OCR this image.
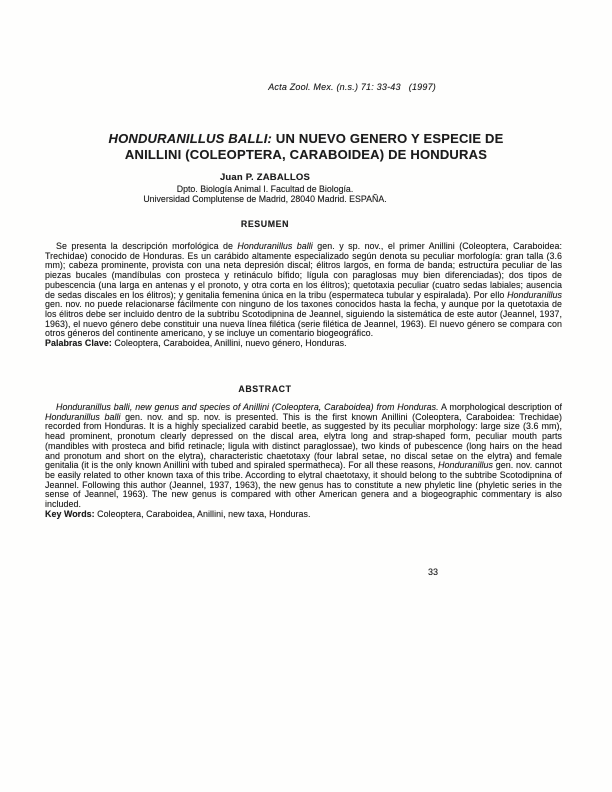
Acta Zool. Mex. (n.s.) 71: 33-43   (1997)
HONDURANILLUS BALLI: UN NUEVO GENERO Y ESPECIE DE
ANILLINI (COLEOPTERA, CARABOIDEA) DE HONDURAS
Juan P. ZABALLOS
Dpto. Biología Animal I. Facultad de Biología.
Universidad Complutense de Madrid, 28040 Madrid. ESPAÑA.
RESUMEN

Se presenta la descripción morfológica de Honduranillus balli gen. y sp. nov., el primer Anillini (Coleoptera, Caraboidea: Trechidae) conocido de Honduras. Es un carábido altamente especializado según denota su peculiar morfología: gran talla (3.6 mm); cabeza prominente, provista con una neta depresión discal; élitros largos, en forma de banda; estructura peculiar de las piezas bucales (mandíbulas con prosteca y retináculo bífido; lígula con paraglosas muy bien diferenciadas); dos tipos de pubescencia (una larga en antenas y el pronoto, y otra corta en los élitros); quetotaxia peculiar (cuatro sedas labiales; ausencia de sedas discales en los élitros); y genitalia femenina única en la tribu (espermateca tubular y espiralada). Por ello Honduranillus gen. nov. no puede relacionarse fácilmente con ninguno de los taxones conocidos hasta la fecha, y aunque por la quetotaxia de los élitros debe ser incluido dentro de la subtribu Scotodipnina de Jeannel, siguiendo la sistemática de este autor (Jeannel, 1937, 1963), el nuevo género debe constituir una nueva línea filética (serie filética de Jeannel, 1963). El nuevo género se compara con otros géneros del continente americano, y se incluye un comentario biogeográfico.

Palabras Clave: Coleoptera, Caraboidea, Anillini, nuevo género, Honduras.

ABSTRACT

Honduranillus balli, new genus and species of Anillini (Coleoptera, Caraboidea) from Honduras. A morphological description of Honduranillus balli gen. nov. and sp. nov. is presented. This is the first known Anillini (Coleoptera, Caraboidea: Trechidae) recorded from Honduras. It is a highly specialized carabid beetle, as suggested by its peculiar morphology: large size (3.6 mm), head prominent, pronotum clearly depressed on the discal area, elytra long and strap-shaped form, peculiar mouth parts (mandibles with prosteca and bifid retinacle; ligula with distinct paraglossae), two kinds of pubescence (long hairs on the head and pronotum and short on the elytra), characteristic chaetotaxy (four labral setae, no discal setae on the elytra) and female genitalia (it is the only known Anillini with tubed and spiraled spermatheca). For all these reasons, Honduranillus gen. nov. cannot be easily related to other known taxa of this tribe. According to elytral chaetotaxy, it should belong to the subtribe Scotodipnina of Jeannel. Following this author (Jeannel, 1937, 1963), the new genus has to constitute a new phyletic line (phyletic series in the sense of Jeannel, 1963). The new genus is compared with other American genera and a biogeographic commentary is also included.

Key Words: Coleoptera, Caraboidea, Anillini, new taxa, Honduras.

33
